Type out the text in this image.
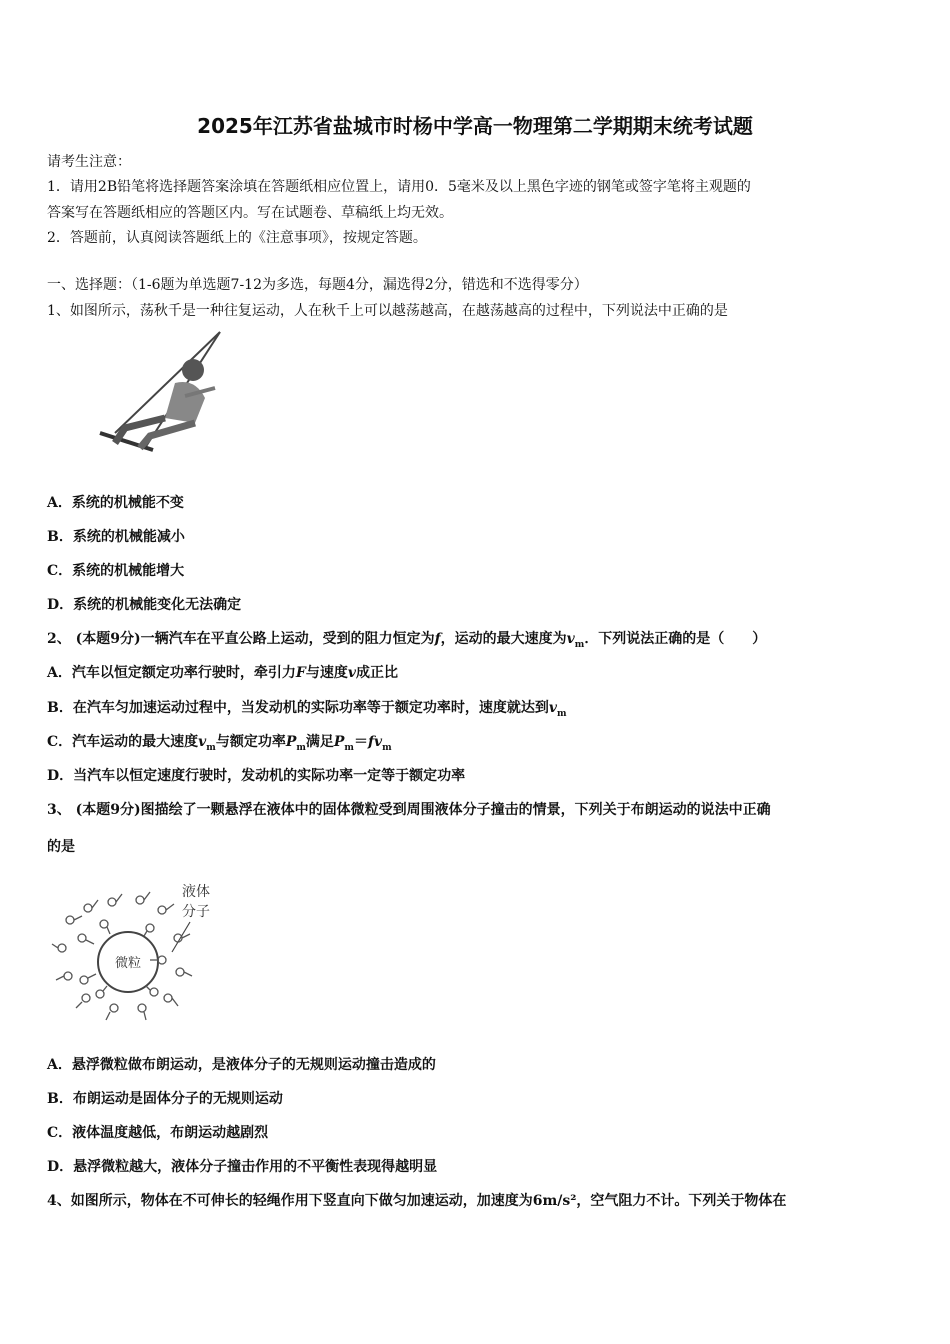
2025年江苏省盐城市时杨中学高一物理第二学期期末统考试题
请考生注意：
1．请用2B铅笔将选择题答案涂填在答题纸相应位置上，请用0．5毫米及以上黑色字迹的钢笔或签字笔将主观题的
答案写在答题纸相应的答题区内。写在试题卷、草稿纸上均无效。
2．答题前，认真阅读答题纸上的《注意事项》，按规定答题。
一、选择题：（1-6题为单选题7-12为多选，每题4分，漏选得2分，错选和不选得零分）
1、如图所示，荡秋千是一种往复运动，人在秋千上可以越荡越高，在越荡越高的过程中，下列说法中正确的是
A．系统的机械能不变
B．系统的机械能减小
C．系统的机械能增大
D．系统的机械能变化无法确定
2、 (本题9分)一辆汽车在平直公路上运动，受到的阻力恒定为f，运动的最大速度为$v_m$．下列说法正确的是（　　）
A．汽车以恒定额定功率行驶时，牵引力F与速度v成正比
B．在汽车匀加速运动过程中，当发动机的实际功率等于额定功率时，速度就达到$v_m$
C．汽车运动的最大速度$v_m$与额定功率$P_m$满足$P_m=fv_m$
D．当汽车以恒定速度行驶时，发动机的实际功率一定等于额定功率
3、 (本题9分)图描绘了一颗悬浮在液体中的固体微粒受到周围液体分子撞击的情景，下列关于布朗运动的说法中正确
的是
微粒
液体
分子
A．悬浮微粒做布朗运动，是液体分子的无规则运动撞击造成的
B．布朗运动是固体分子的无规则运动
C．液体温度越低，布朗运动越剧烈
D．悬浮微粒越大，液体分子撞击作用的不平衡性表现得越明显
4、如图所示，物体在不可伸长的轻绳作用下竖直向下做匀加速运动，加速度为6m/s²，空气阻力不计。下列关于物体在
